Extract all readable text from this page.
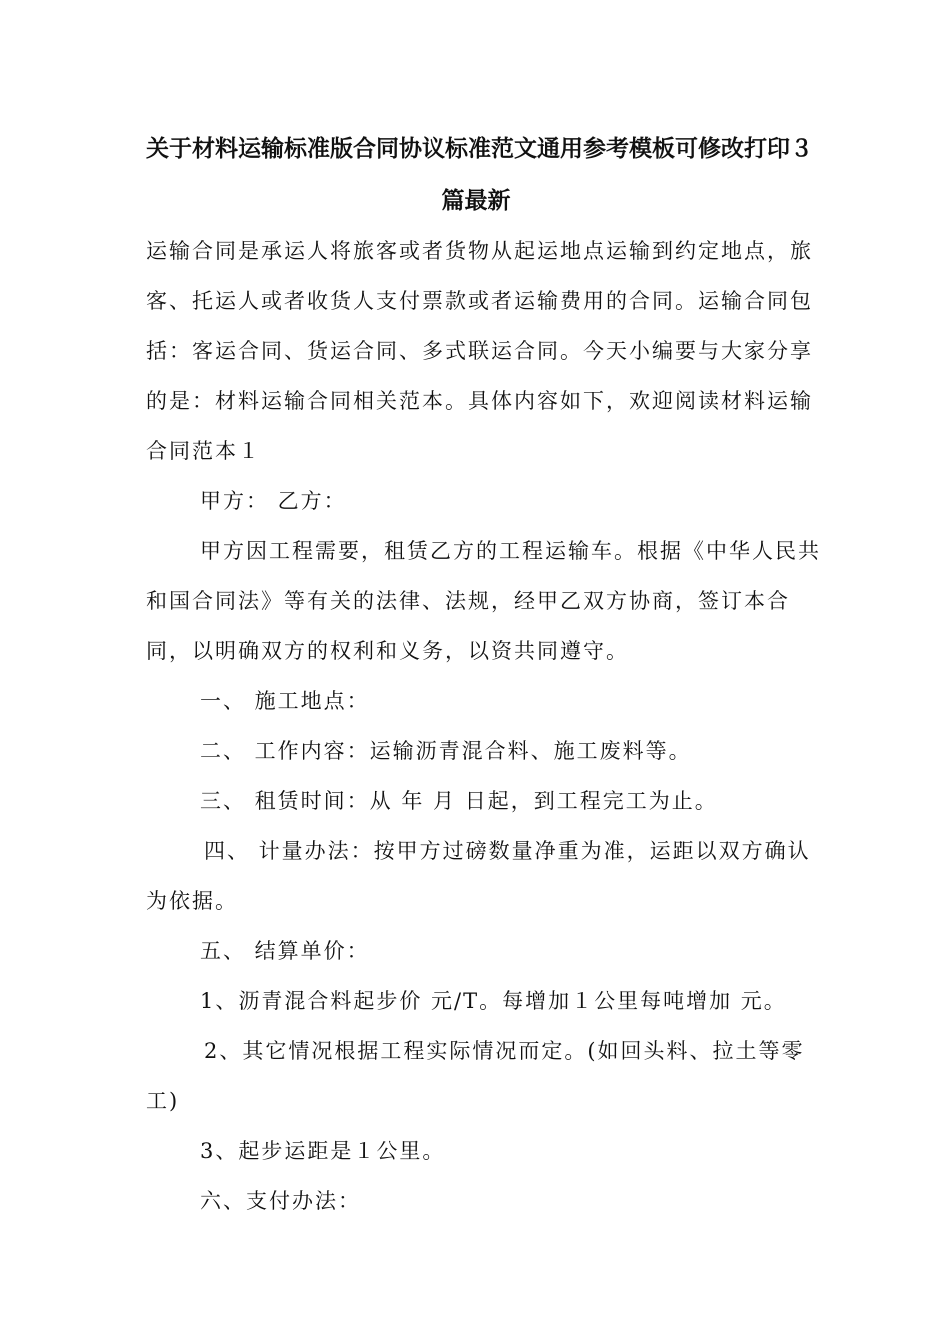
关于材料运输标准版合同协议标准范文通用参考模板可修改打印３
篇最新
运输合同是承运人将旅客或者货物从起运地点运输到约定地点，旅
客、托运人或者收货人支付票款或者运输费用的合同。运输合同包
括：客运合同、货运合同、多式联运合同。今天小编要与大家分享
的是：材料运输合同相关范本。具体内容如下，欢迎阅读材料运输
合同范本１
甲方： 乙方：
甲方因工程需要，租赁乙方的工程运输车。根据《中华人民共
和国合同法》等有关的法律、法规，经甲乙双方协商，签订本合
同，以明确双方的权利和义务，以资共同遵守。
一、 施工地点：
二、 工作内容：运输沥青混合料、施工废料等。
三、 租赁时间：从 年 月 日起，到工程完工为止。
四、 计量办法：按甲方过磅数量净重为准，运距以双方确认
为依据。
五、 结算单价：
1、沥青混合料起步价 元/T。每增加１公里每吨增加 元。
2、其它情况根据工程实际情况而定。(如回头料、拉土等零
工)
3、起步运距是１公里。
六、支付办法：
